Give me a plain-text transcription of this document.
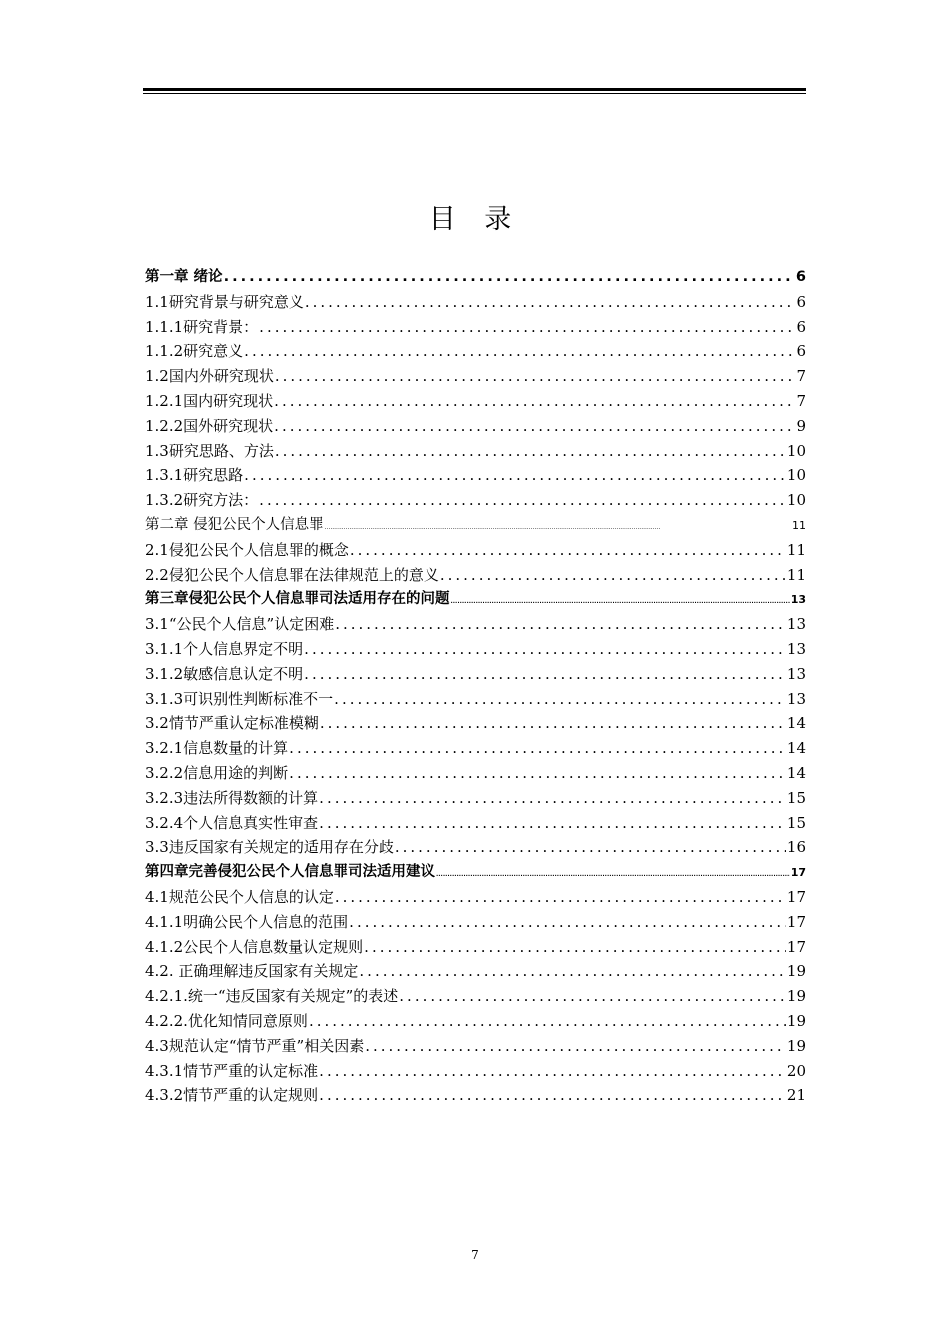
目 录
第一章 绪论 .....	6
1.1研究背景与研究意义 .....	6
1.1.1研究背景： .....	6
1.1.2研究意义 .....	6
1.2国内外研究现状 .....	7
1.2.1国内研究现状 .....	7
1.2.2国外研究现状 .....	9
1.3研究思路、方法 .....	10
1.3.1研究思路 .....	10
1.3.2研究方法： .....	10
第二章 侵犯公民个人信息罪 .....	11
2.1侵犯公民个人信息罪的概念 .....	11
2.2侵犯公民个人信息罪在法律规范上的意义 .....	11
第三章侵犯公民个人信息罪司法适用存在的问题 .....	13
3.1“公民个人信息”认定困难 .....	13
3.1.1个人信息界定不明 .....	13
3.1.2敏感信息认定不明 .....	13
3.1.3可识别性判断标准不一 .....	13
3.2情节严重认定标准模糊 .....	14
3.2.1信息数量的计算 .....	14
3.2.2信息用途的判断 .....	14
3.2.3违法所得数额的计算 .....	15
3.2.4个人信息真实性审查 .....	15
3.3违反国家有关规定的适用存在分歧 .....	16
第四章完善侵犯公民个人信息罪司法适用建议 .....	17
4.1规范公民个人信息的认定 .....	17
4.1.1明确公民个人信息的范围 .....	17
4.1.2公民个人信息数量认定规则 .....	17
4.2. 正确理解违反国家有关规定 .....	19
4.2.1.统一“违反国家有关规定”的表述 .....	19
4.2.2.优化知情同意原则 .....	19
4.3规范认定“情节严重”相关因素 .....	19
4.3.1情节严重的认定标准 .....	20
4.3.2情节严重的认定规则 .....	21
7
